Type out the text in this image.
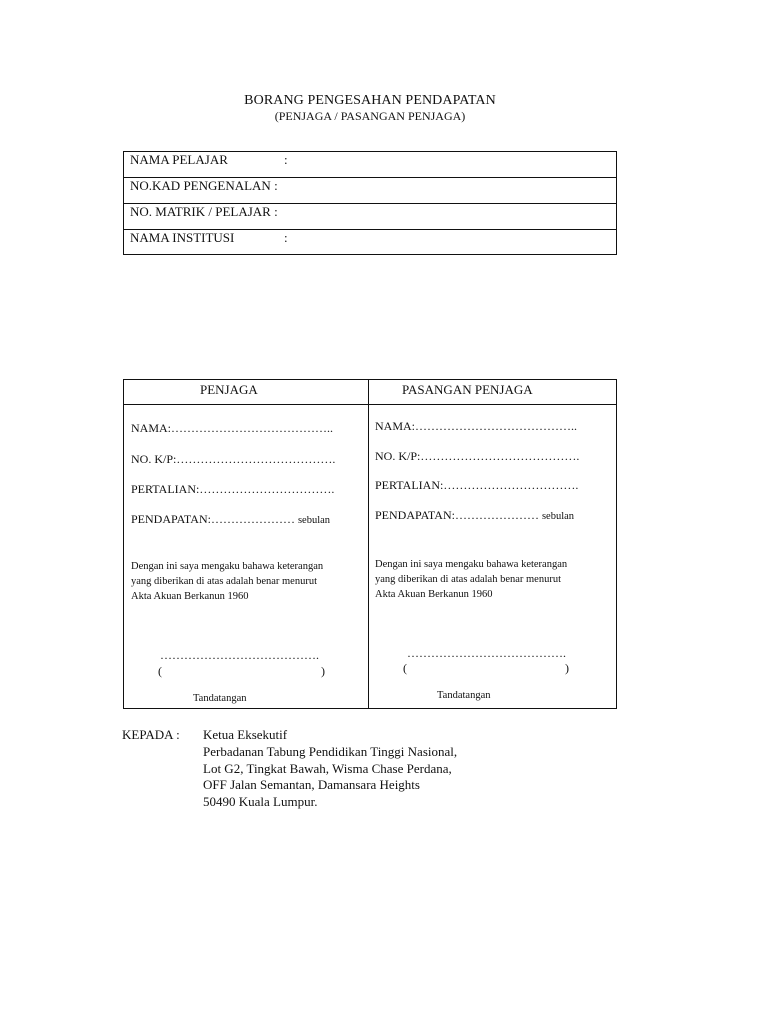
BORANG PENGESAHAN PENDAPATAN
(PENJAGA / PASANGAN PENJAGA)
NAMA PELAJAR	:
NO.KAD PENGENALAN :
NO. MATRIK / PELAJAR :
NAMA INSTITUSI	:
PENJAGA
NAMA:…………………………………..
NO. K/P:………………………………….
PERTALIAN:…………………………….
PENDAPATAN:………………… sebulan
Dengan ini saya mengaku bahawa keterangan
yang diberikan di atas adalah benar menurut
Akta Akuan Berkanun 1960
………………………………….
(	)
Tandatangan
PASANGAN PENJAGA
NAMA:…………………………………..
NO. K/P:………………………………….
PERTALIAN:…………………………….
PENDAPATAN:………………… sebulan
Dengan ini saya mengaku bahawa keterangan
yang diberikan di atas adalah benar menurut
Akta Akuan Berkanun 1960
………………………………….
(	)
Tandatangan
KEPADA : Ketua Eksekutif
Perbadanan Tabung Pendidikan Tinggi Nasional,
Lot G2, Tingkat Bawah, Wisma Chase Perdana,
OFF Jalan Semantan, Damansara Heights
50490 Kuala Lumpur.
